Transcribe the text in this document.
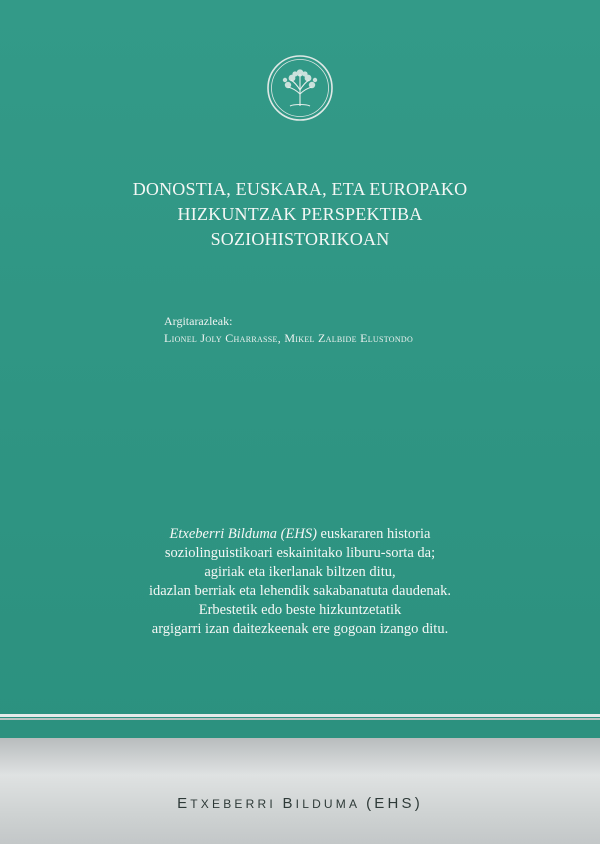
DONOSTIA, EUSKARA, ETA EUROPAKO
HIZKUNTZAK PERSPEKTIBA
SOZIOHISTORIKOAN
Argitarazleak:
Lionel Joly Charrasse, Mikel Zalbide Elustondo
Etxeberri Bilduma (EHS) euskararen historia
soziolinguistikoari eskainitako liburu-sorta da;
agiriak eta ikerlanak biltzen ditu,
idazlan berriak eta lehendik sakabanatuta daudenak.
Erbestetik edo beste hizkuntzetatik
argigarri izan daitezkeenak ere gogoan izango ditu.
ETXEBERRI BILDUMA (EHS)
